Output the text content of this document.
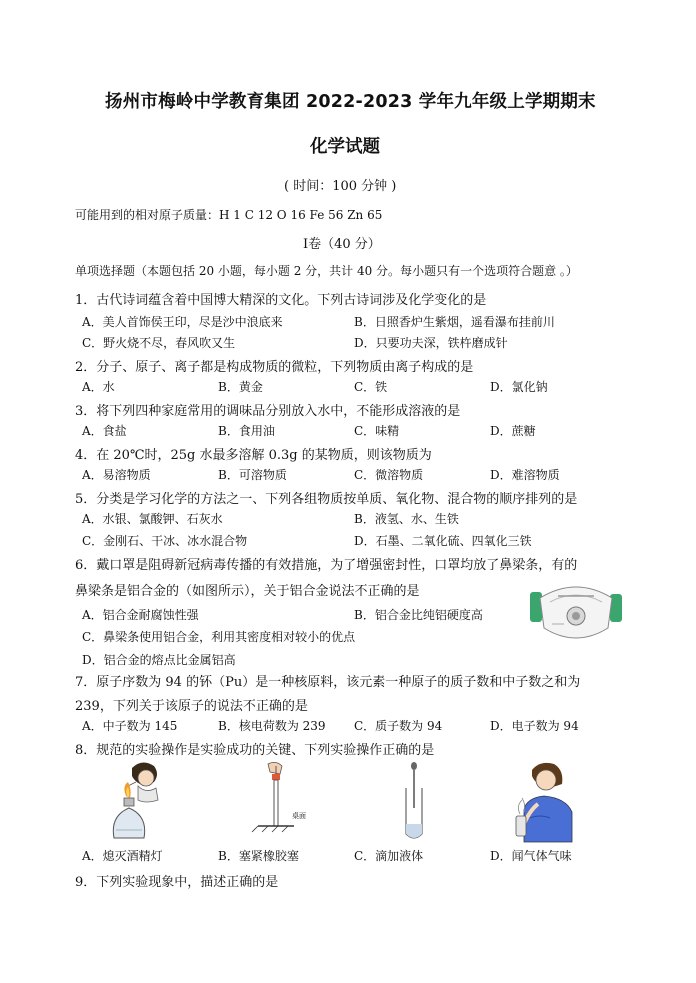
扬州市梅岭中学教育集团 2022-2023 学年九年级上学期期末
化学试题
( 时间：100 分钟 )
可能用到的相对原子质量：H 1 C 12 O 16 Fe 56 Zn 65
Ⅰ卷（40 分）
单项选择题（本题包括 20 小题，每小题 2 分，共计 40 分。每小题只有一个选项符合题意 。）
1．古代诗词蕴含着中国博大精深的文化。下列古诗词涉及化学变化的是
A．美人首饰侯王印，尽是沙中浪底来	B．日照香炉生紫烟，遥看瀑布挂前川
C．野火烧不尽，春风吹又生	D．只要功夫深，铁杵磨成针
2．分子、原子、离子都是构成物质的微粒，下列物质由离子构成的是
A．水	B．黄金	C．铁	D．氯化钠
3．将下列四种家庭常用的调味品分别放入水中，不能形成溶液的是
A．食盐	B．食用油	C．味精	D．蔗糖
4．在 20℃时，25g 水最多溶解 0.3g 的某物质，则该物质为
A．易溶物质	B．可溶物质	C．微溶物质	D．难溶物质
5．分类是学习化学的方法之一、下列各组物质按单质、氧化物、混合物的顺序排列的是
A．水银、氯酸钾、石灰水	B．液氢、水、生铁
C．金刚石、干冰、冰水混合物	D．石墨、二氧化硫、四氧化三铁
6．戴口罩是阻碍新冠病毒传播的有效措施，为了增强密封性，口罩均放了鼻梁条，有的
鼻梁条是铝合金的（如图所示），关于铝合金说法不正确的是
A．铝合金耐腐蚀性强	B．铝合金比纯铝硬度高
C．鼻梁条使用铝合金，利用其密度相对较小的优点
D．铝合金的熔点比金属铝高
7．原子序数为 94 的钚（Pu）是一种核原料，该元素一种原子的质子数和中子数之和为
239，下列关于该原子的说法不正确的是
A．中子数为 145	B．核电荷数为 239 C．质子数为 94	D．电子数为 94
8．规范的实验操作是实验成功的关键、下列实验操作正确的是
桌面
A．熄灭酒精灯	B．塞紧橡胶塞	C．滴加液体	D．闻气体气味
9．下列实验现象中，描述正确的是
